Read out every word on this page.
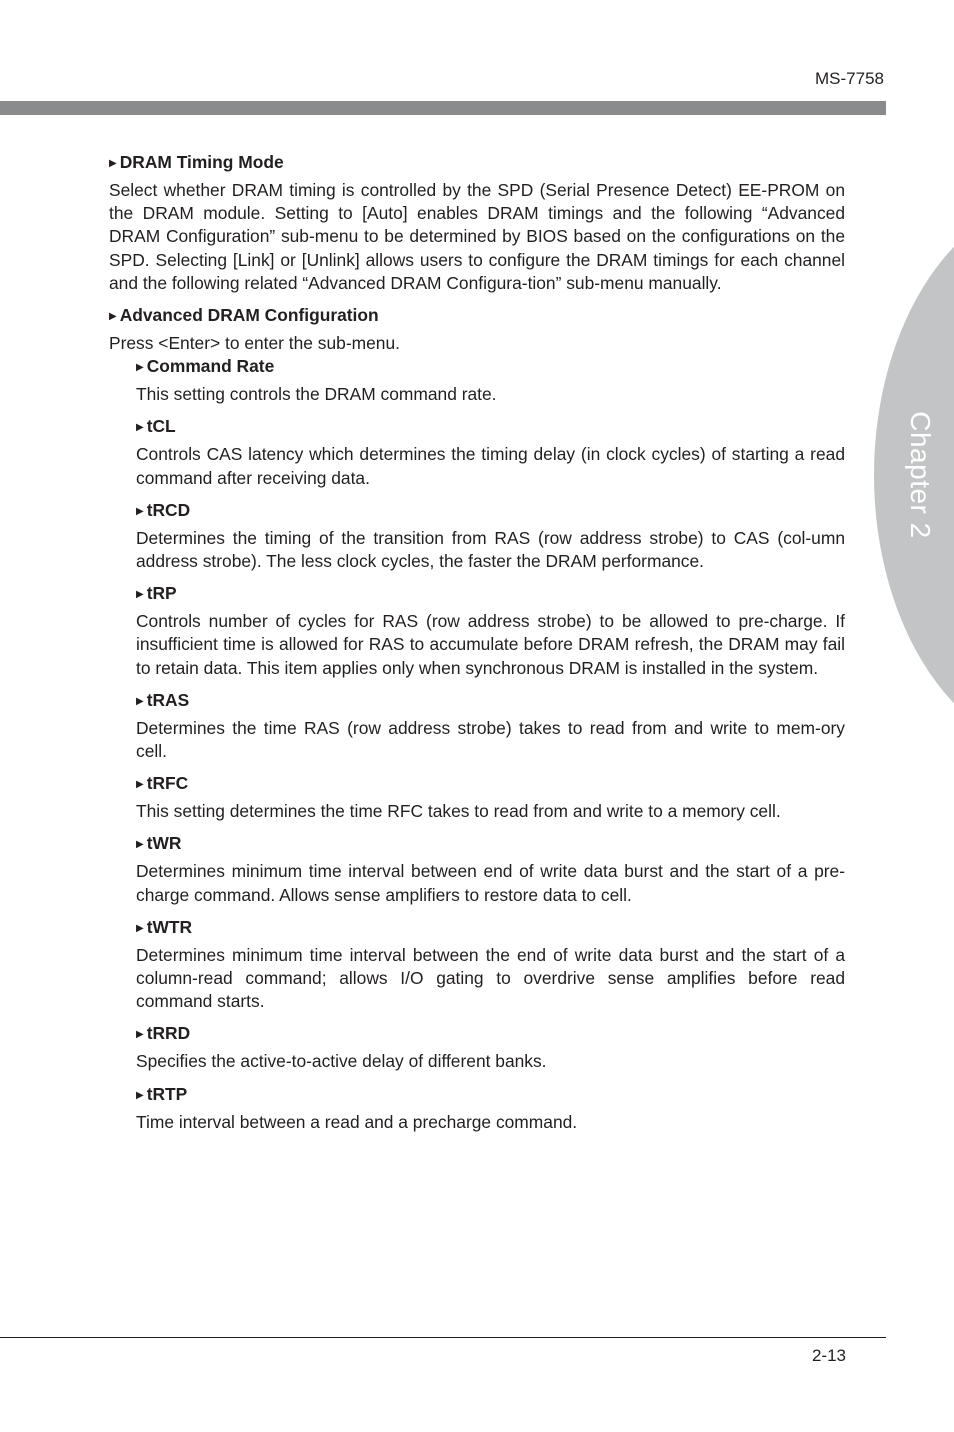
MS-7758
Chapter 2
▶ DRAM Timing Mode

Select whether DRAM timing is controlled by the SPD (Serial Presence Detect) EE-PROM on the DRAM module. Setting to [Auto] enables DRAM timings and the following “Advanced DRAM Configuration” sub-menu to be determined by BIOS based on the configurations on the SPD. Selecting [Link] or [Unlink] allows users to configure the DRAM timings for each channel and the following related “Advanced DRAM Configura-tion” sub-menu manually.

▶ Advanced DRAM Configuration

Press <Enter> to enter the sub-menu.

▶ Command Rate

This setting controls the DRAM command rate.

▶ tCL

Controls CAS latency which determines the timing delay (in clock cycles) of starting a read command after receiving data.

▶ tRCD

Determines the timing of the transition from RAS (row address strobe) to CAS (col-umn address strobe). The less clock cycles, the faster the DRAM performance.

▶ tRP

Controls number of cycles for RAS (row address strobe) to be allowed to pre-charge. If insufficient time is allowed for RAS to accumulate before DRAM refresh, the DRAM may fail to retain data. This item applies only when synchronous DRAM is installed in the system.

▶ tRAS

Determines the time RAS (row address strobe) takes to read from and write to mem-ory cell.

▶ tRFC

This setting determines the time RFC takes to read from and write to a memory cell.

▶ tWR

Determines minimum time interval between end of write data burst and the start of a pre-charge command. Allows sense amplifiers to restore data to cell.

▶ tWTR

Determines minimum time interval between the end of write data burst and the start of a column-read command; allows I/O gating to overdrive sense amplifies before read command starts.

▶ tRRD

Specifies the active-to-active delay of different banks.

▶ tRTP

Time interval between a read and a precharge command.

2-13
